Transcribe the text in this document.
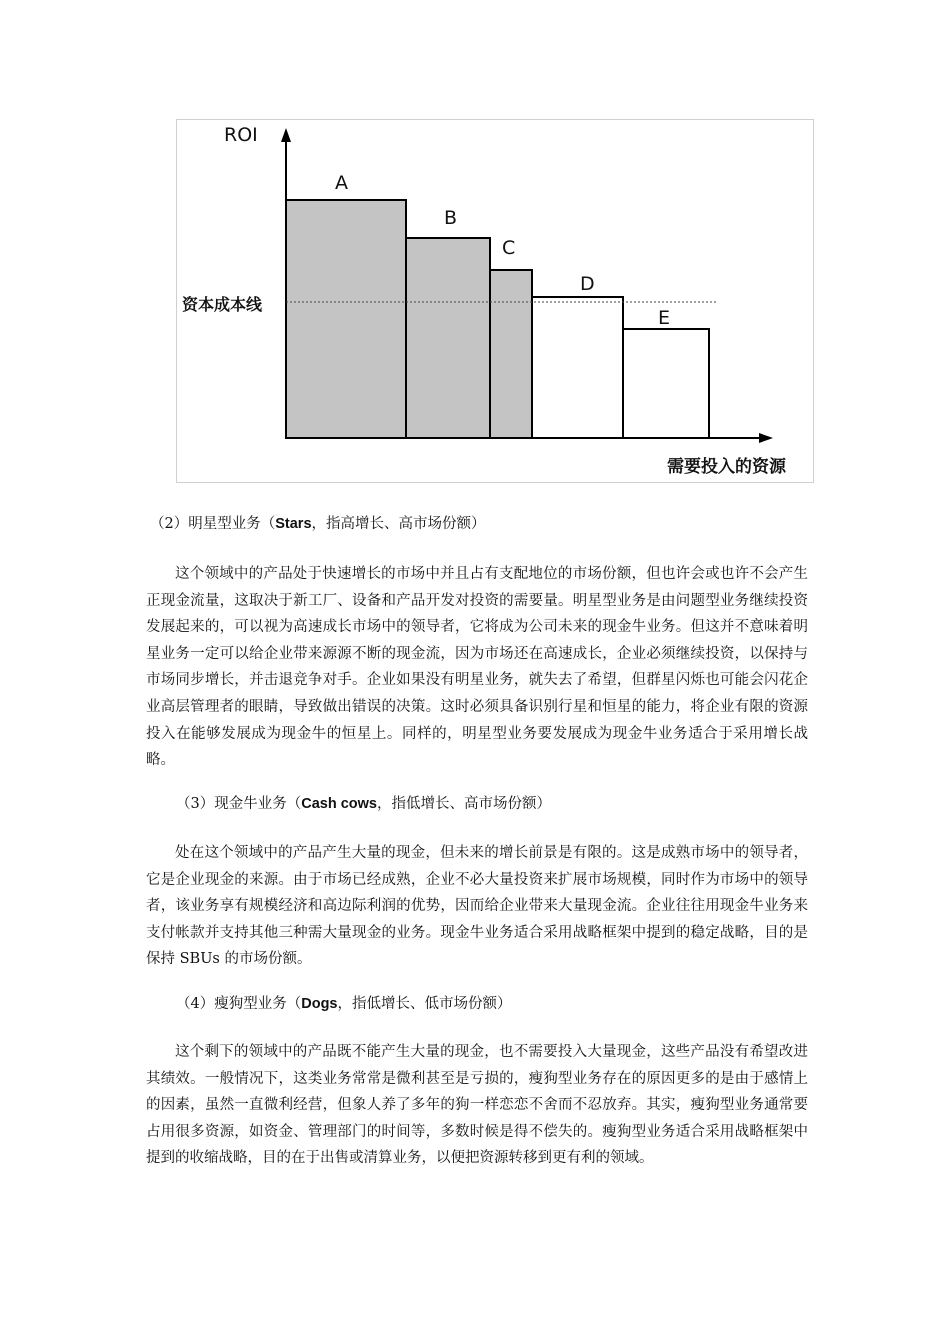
ROI
A
B
C
D
E
资本成本线
需要投入的资源
（2）明星型业务（Stars，指高增长、高市场份额）

这个领域中的产品处于快速增长的市场中并且占有支配地位的市场份额，但也许会或也许不会产生正现金流量，这取决于新工厂、设备和产品开发对投资的需要量。明星型业务是由问题型业务继续投资发展起来的，可以视为高速成长市场中的领导者，它将成为公司未来的现金牛业务。但这并不意味着明星业务一定可以给企业带来源源不断的现金流，因为市场还在高速成长，企业必须继续投资，以保持与市场同步增长，并击退竞争对手。企业如果没有明星业务，就失去了希望，但群星闪烁也可能会闪花企业高层管理者的眼睛，导致做出错误的决策。这时必须具备识别行星和恒星的能力，将企业有限的资源投入在能够发展成为现金牛的恒星上。同样的，明星型业务要发展成为现金牛业务适合于采用增长战略。

（3）现金牛业务（Cash cows，指低增长、高市场份额）

处在这个领域中的产品产生大量的现金，但未来的增长前景是有限的。这是成熟市场中的领导者，它是企业现金的来源。由于市场已经成熟，企业不必大量投资来扩展市场规模，同时作为市场中的领导者，该业务享有规模经济和高边际利润的优势，因而给企业带来大量现金流。企业往往用现金牛业务来支付帐款并支持其他三种需大量现金的业务。现金牛业务适合采用战略框架中提到的稳定战略，目的是保持 SBUs 的市场份额。

（4）瘦狗型业务（Dogs，指低增长、低市场份额）

这个剩下的领域中的产品既不能产生大量的现金，也不需要投入大量现金，这些产品没有希望改进其绩效。一般情况下，这类业务常常是微利甚至是亏损的，瘦狗型业务存在的原因更多的是由于感情上的因素，虽然一直微利经营，但象人养了多年的狗一样恋恋不舍而不忍放弃。其实，瘦狗型业务通常要占用很多资源，如资金、管理部门的时间等，多数时候是得不偿失的。瘦狗型业务适合采用战略框架中提到的收缩战略，目的在于出售或清算业务，以便把资源转移到更有利的领域。
